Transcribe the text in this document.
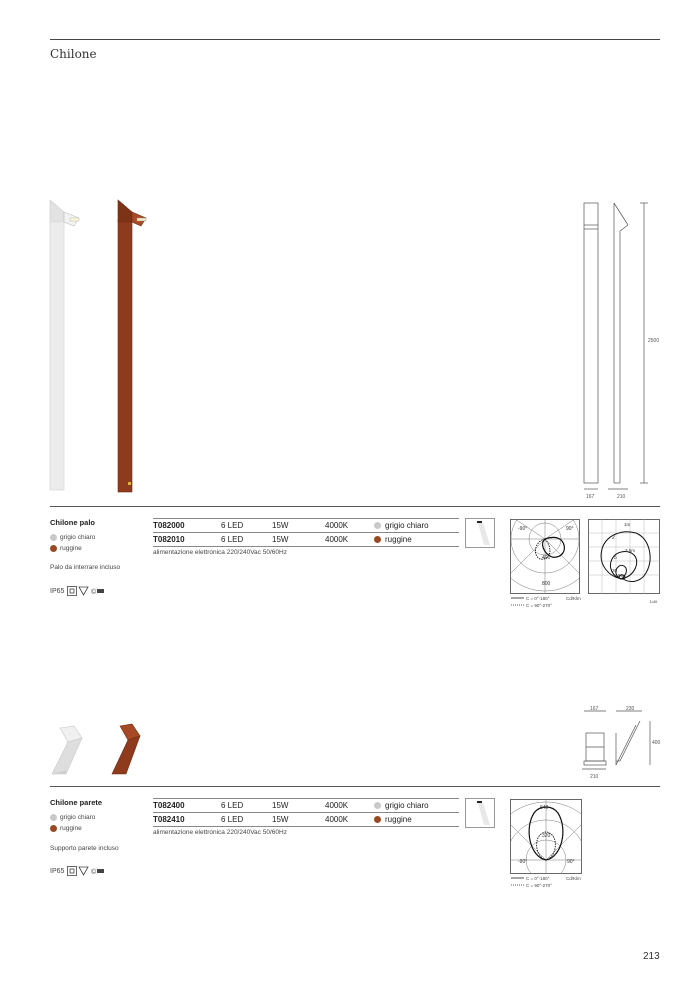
Chilone
2500
167	210
Chilone palo
grigio chiaro
ruggine
Palo da interrare incluso
IP65	©
T082000	6 LED	15W	4000K	grigio chiaro
T082010	6 LED	15W	4000K	ruggine
alimentazione elettronica 220/240Vac 50/60Hz
-90°	90°
400
800
C = 0°-180°
C = 90°-270°
Cd/Klm
1m
2
3.5m
5
20
50
Lux
167	230
400
210
Chilone parete
grigio chiaro
ruggine
Supporto parete incluso
IP65	©
T082400	6 LED	15W	4000K	grigio chiaro
T082410	6 LED	15W	4000K	ruggine
alimentazione elettronica 220/240Vac 50/60Hz
640
320
-90°	90°
C = 0°-180°
C = 90°-270°
Cd/Klm
213
